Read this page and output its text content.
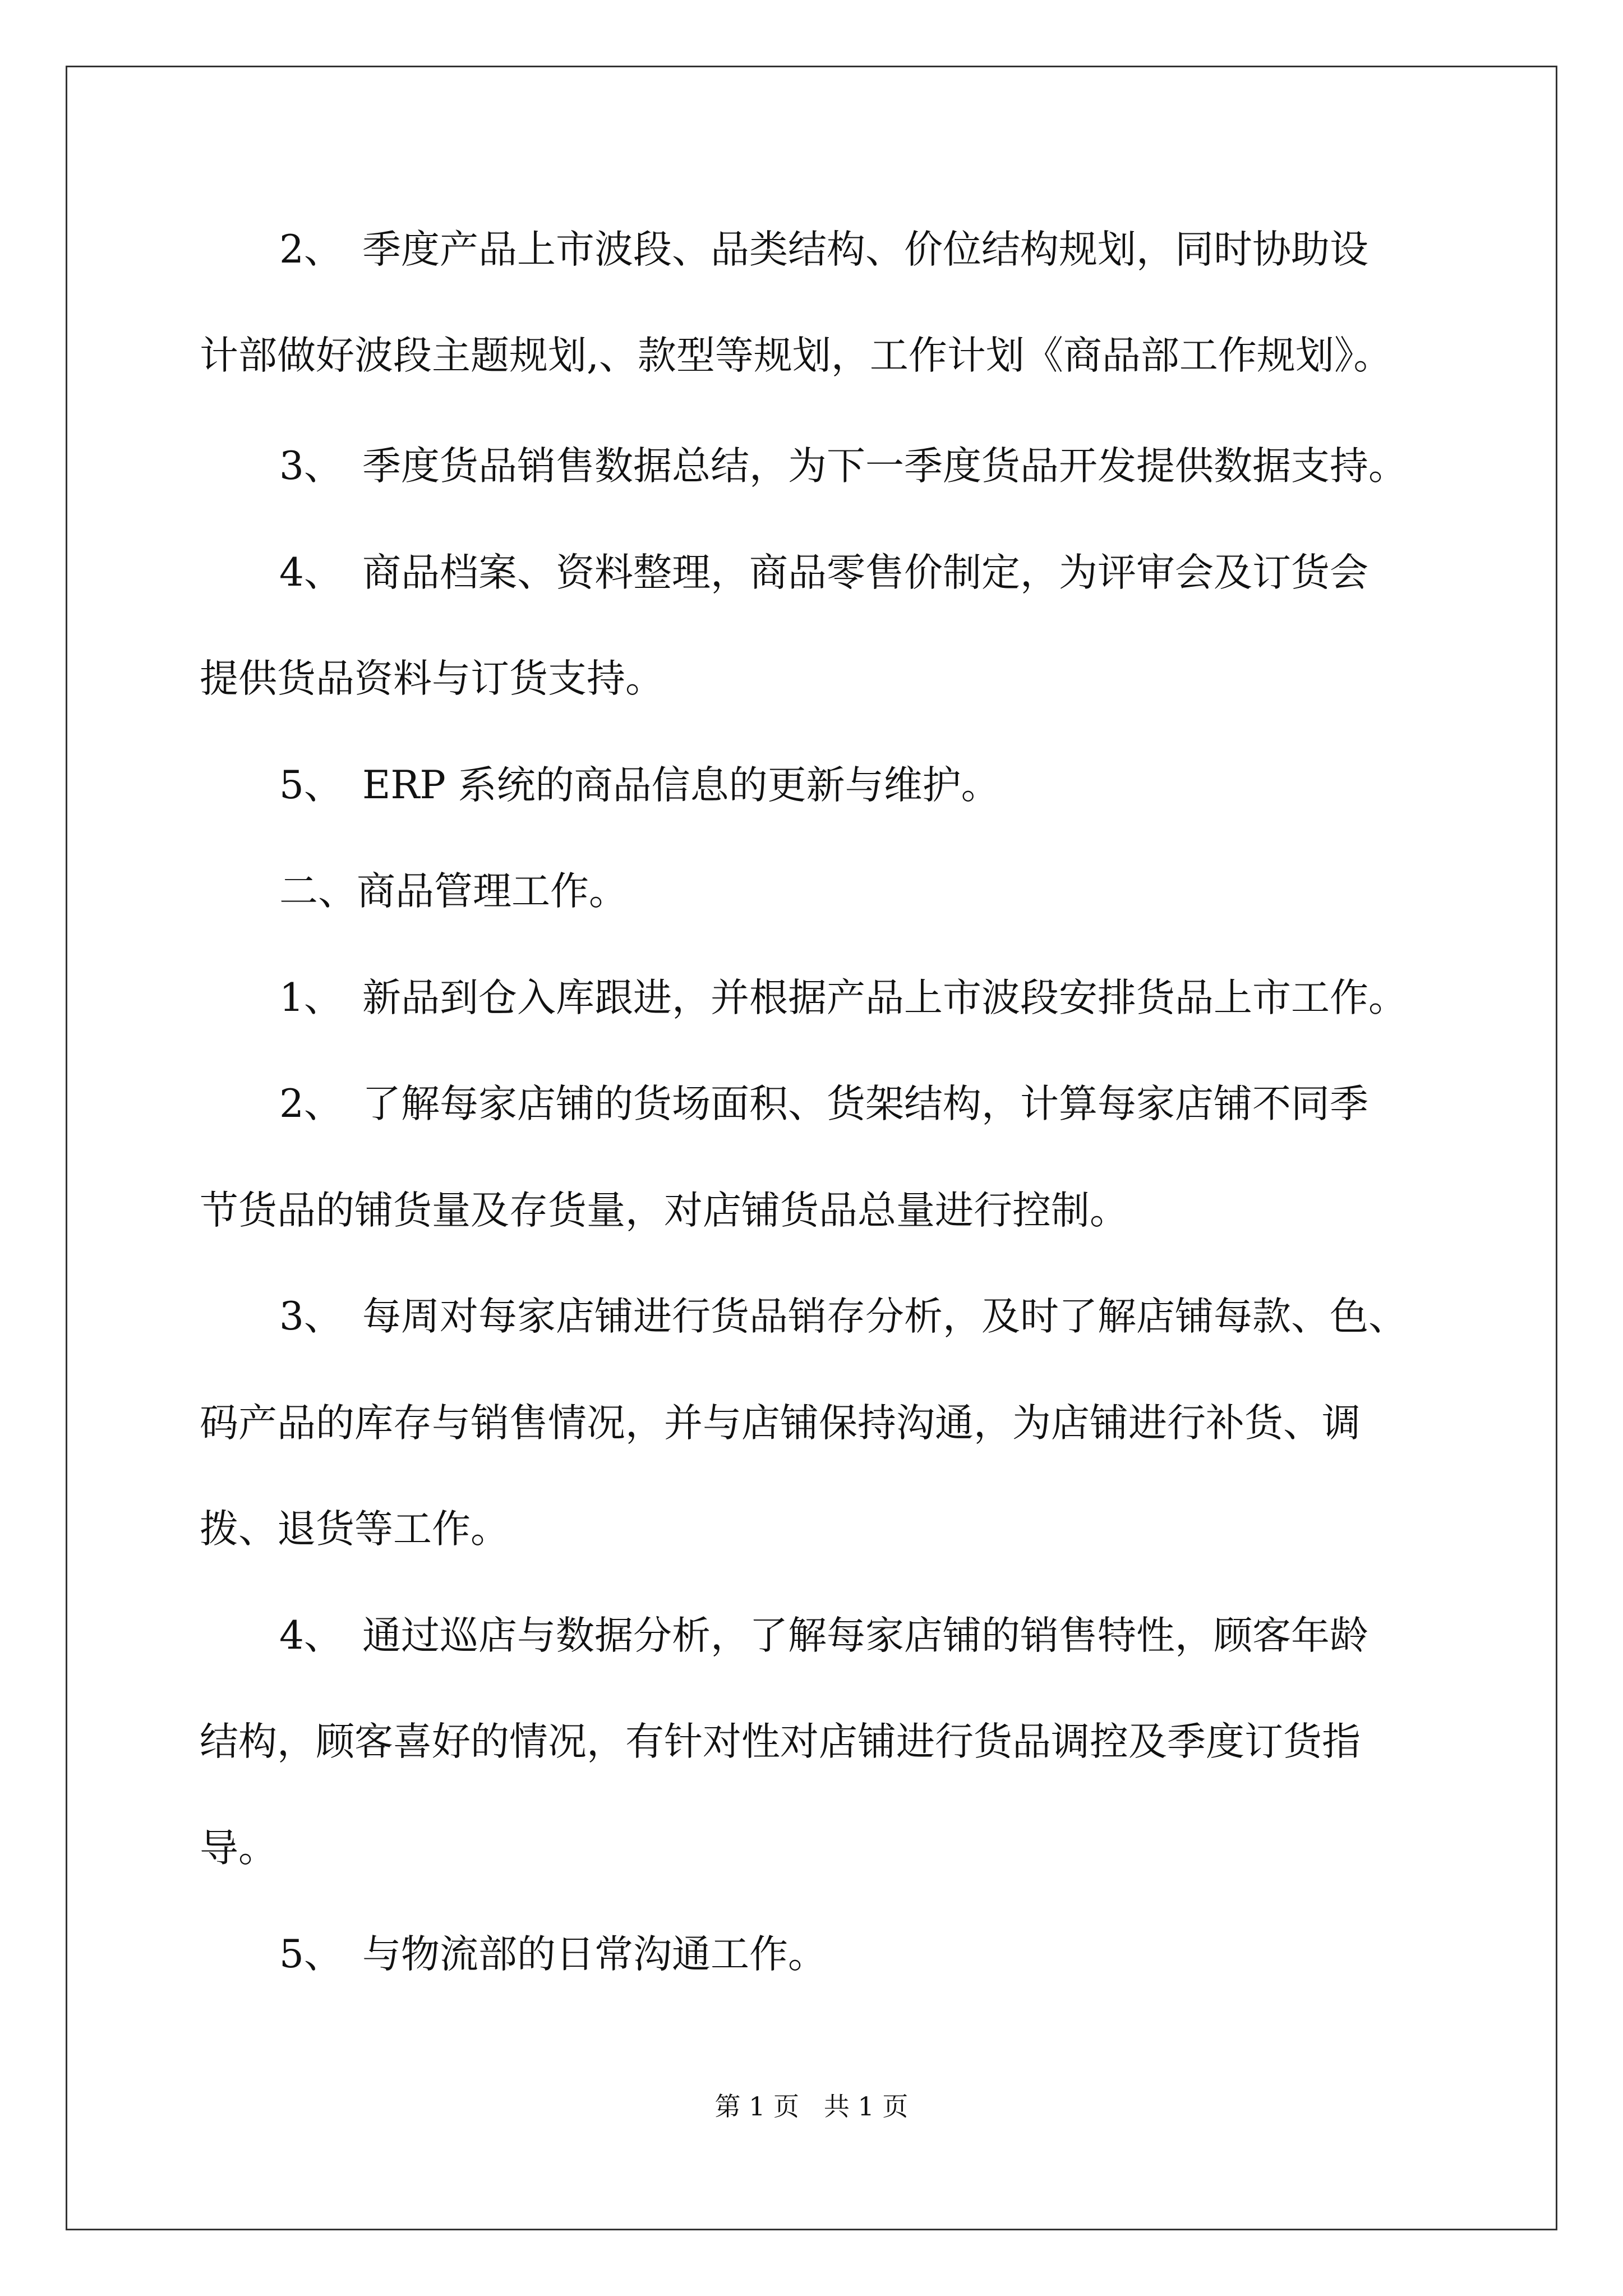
2、 季度产品上市波段、品类结构、价位结构规划，同时协助设
计部做好波段主题规划,、款型等规划，工作计划《商品部工作规划》。
3、 季度货品销售数据总结，为下一季度货品开发提供数据支持。
4、 商品档案、资料整理，商品零售价制定，为评审会及订货会
提供货品资料与订货支持。
5、 ERP 系统的商品信息的更新与维护。
二、商品管理工作。
1、 新品到仓入库跟进，并根据产品上市波段安排货品上市工作。
2、 了解每家店铺的货场面积、货架结构，计算每家店铺不同季
节货品的铺货量及存货量，对店铺货品总量进行控制。
3、 每周对每家店铺进行货品销存分析，及时了解店铺每款、色、
码产品的库存与销售情况，并与店铺保持沟通，为店铺进行补货、调
拨、退货等工作。
4、 通过巡店与数据分析，了解每家店铺的销售特性，顾客年龄
结构，顾客喜好的情况，有针对性对店铺进行货品调控及季度订货指
导。
5、 与物流部的日常沟通工作。
第 1 页   共 1 页
